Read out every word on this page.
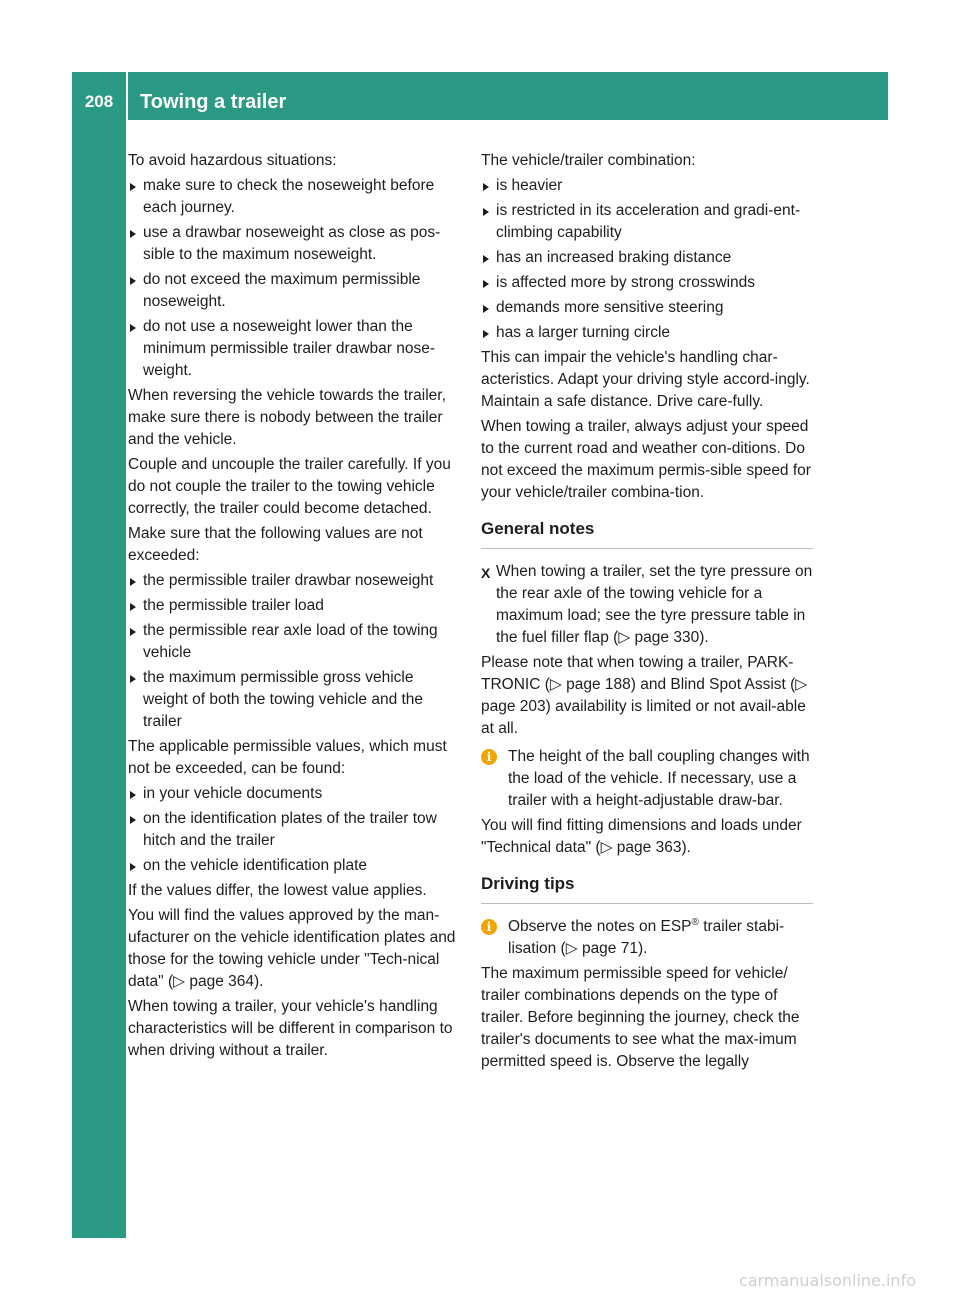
208	Towing a trailer
Driving and parking

To avoid hazardous situations:

make sure to check the noseweight before each journey.
use a drawbar noseweight as close as pos-sible to the maximum noseweight.
do not exceed the maximum permissible noseweight.
do not use a noseweight lower than the minimum permissible trailer drawbar nose-weight.

When reversing the vehicle towards the trailer, make sure there is nobody between the trailer and the vehicle.

Couple and uncouple the trailer carefully. If you do not couple the trailer to the towing vehicle correctly, the trailer could become detached.

Make sure that the following values are not exceeded:

the permissible trailer drawbar noseweight
the permissible trailer load
the permissible rear axle load of the towing vehicle
the maximum permissible gross vehicle weight of both the towing vehicle and the trailer

The applicable permissible values, which must not be exceeded, can be found:

in your vehicle documents
on the identification plates of the trailer tow hitch and the trailer
on the vehicle identification plate

If the values differ, the lowest value applies.

You will find the values approved by the man-ufacturer on the vehicle identification plates and those for the towing vehicle under "Tech-nical data" (▷ page 364).

When towing a trailer, your vehicle's handling characteristics will be different in comparison to when driving without a trailer.

The vehicle/trailer combination:

is heavier
is restricted in its acceleration and gradi-ent-climbing capability
has an increased braking distance
is affected more by strong crosswinds
demands more sensitive steering
has a larger turning circle

This can impair the vehicle's handling char-acteristics. Adapt your driving style accord-ingly. Maintain a safe distance. Drive care-fully.

When towing a trailer, always adjust your speed to the current road and weather con-ditions. Do not exceed the maximum permis-sible speed for your vehicle/trailer combina-tion.

General notes
X When towing a trailer, set the tyre pressure on the rear axle of the towing vehicle for a maximum load; see the tyre pressure table in the fuel filler flap (▷ page 330).

Please note that when towing a trailer, PARK-TRONIC (▷ page 188) and Blind Spot Assist (▷ page 203) availability is limited or not avail-able at all.

i	The height of the ball coupling changes with the load of the vehicle. If necessary, use a trailer with a height-adjustable draw-bar.

You will find fitting dimensions and loads under "Technical data" (▷ page 363).

Driving tips
i	Observe the notes on ESP® trailer stabi-lisation (▷ page 71).

The maximum permissible speed for vehicle/ trailer combinations depends on the type of trailer. Before beginning the journey, check the trailer's documents to see what the max-imum permitted speed is. Observe the legally

carmanualsonline.info
